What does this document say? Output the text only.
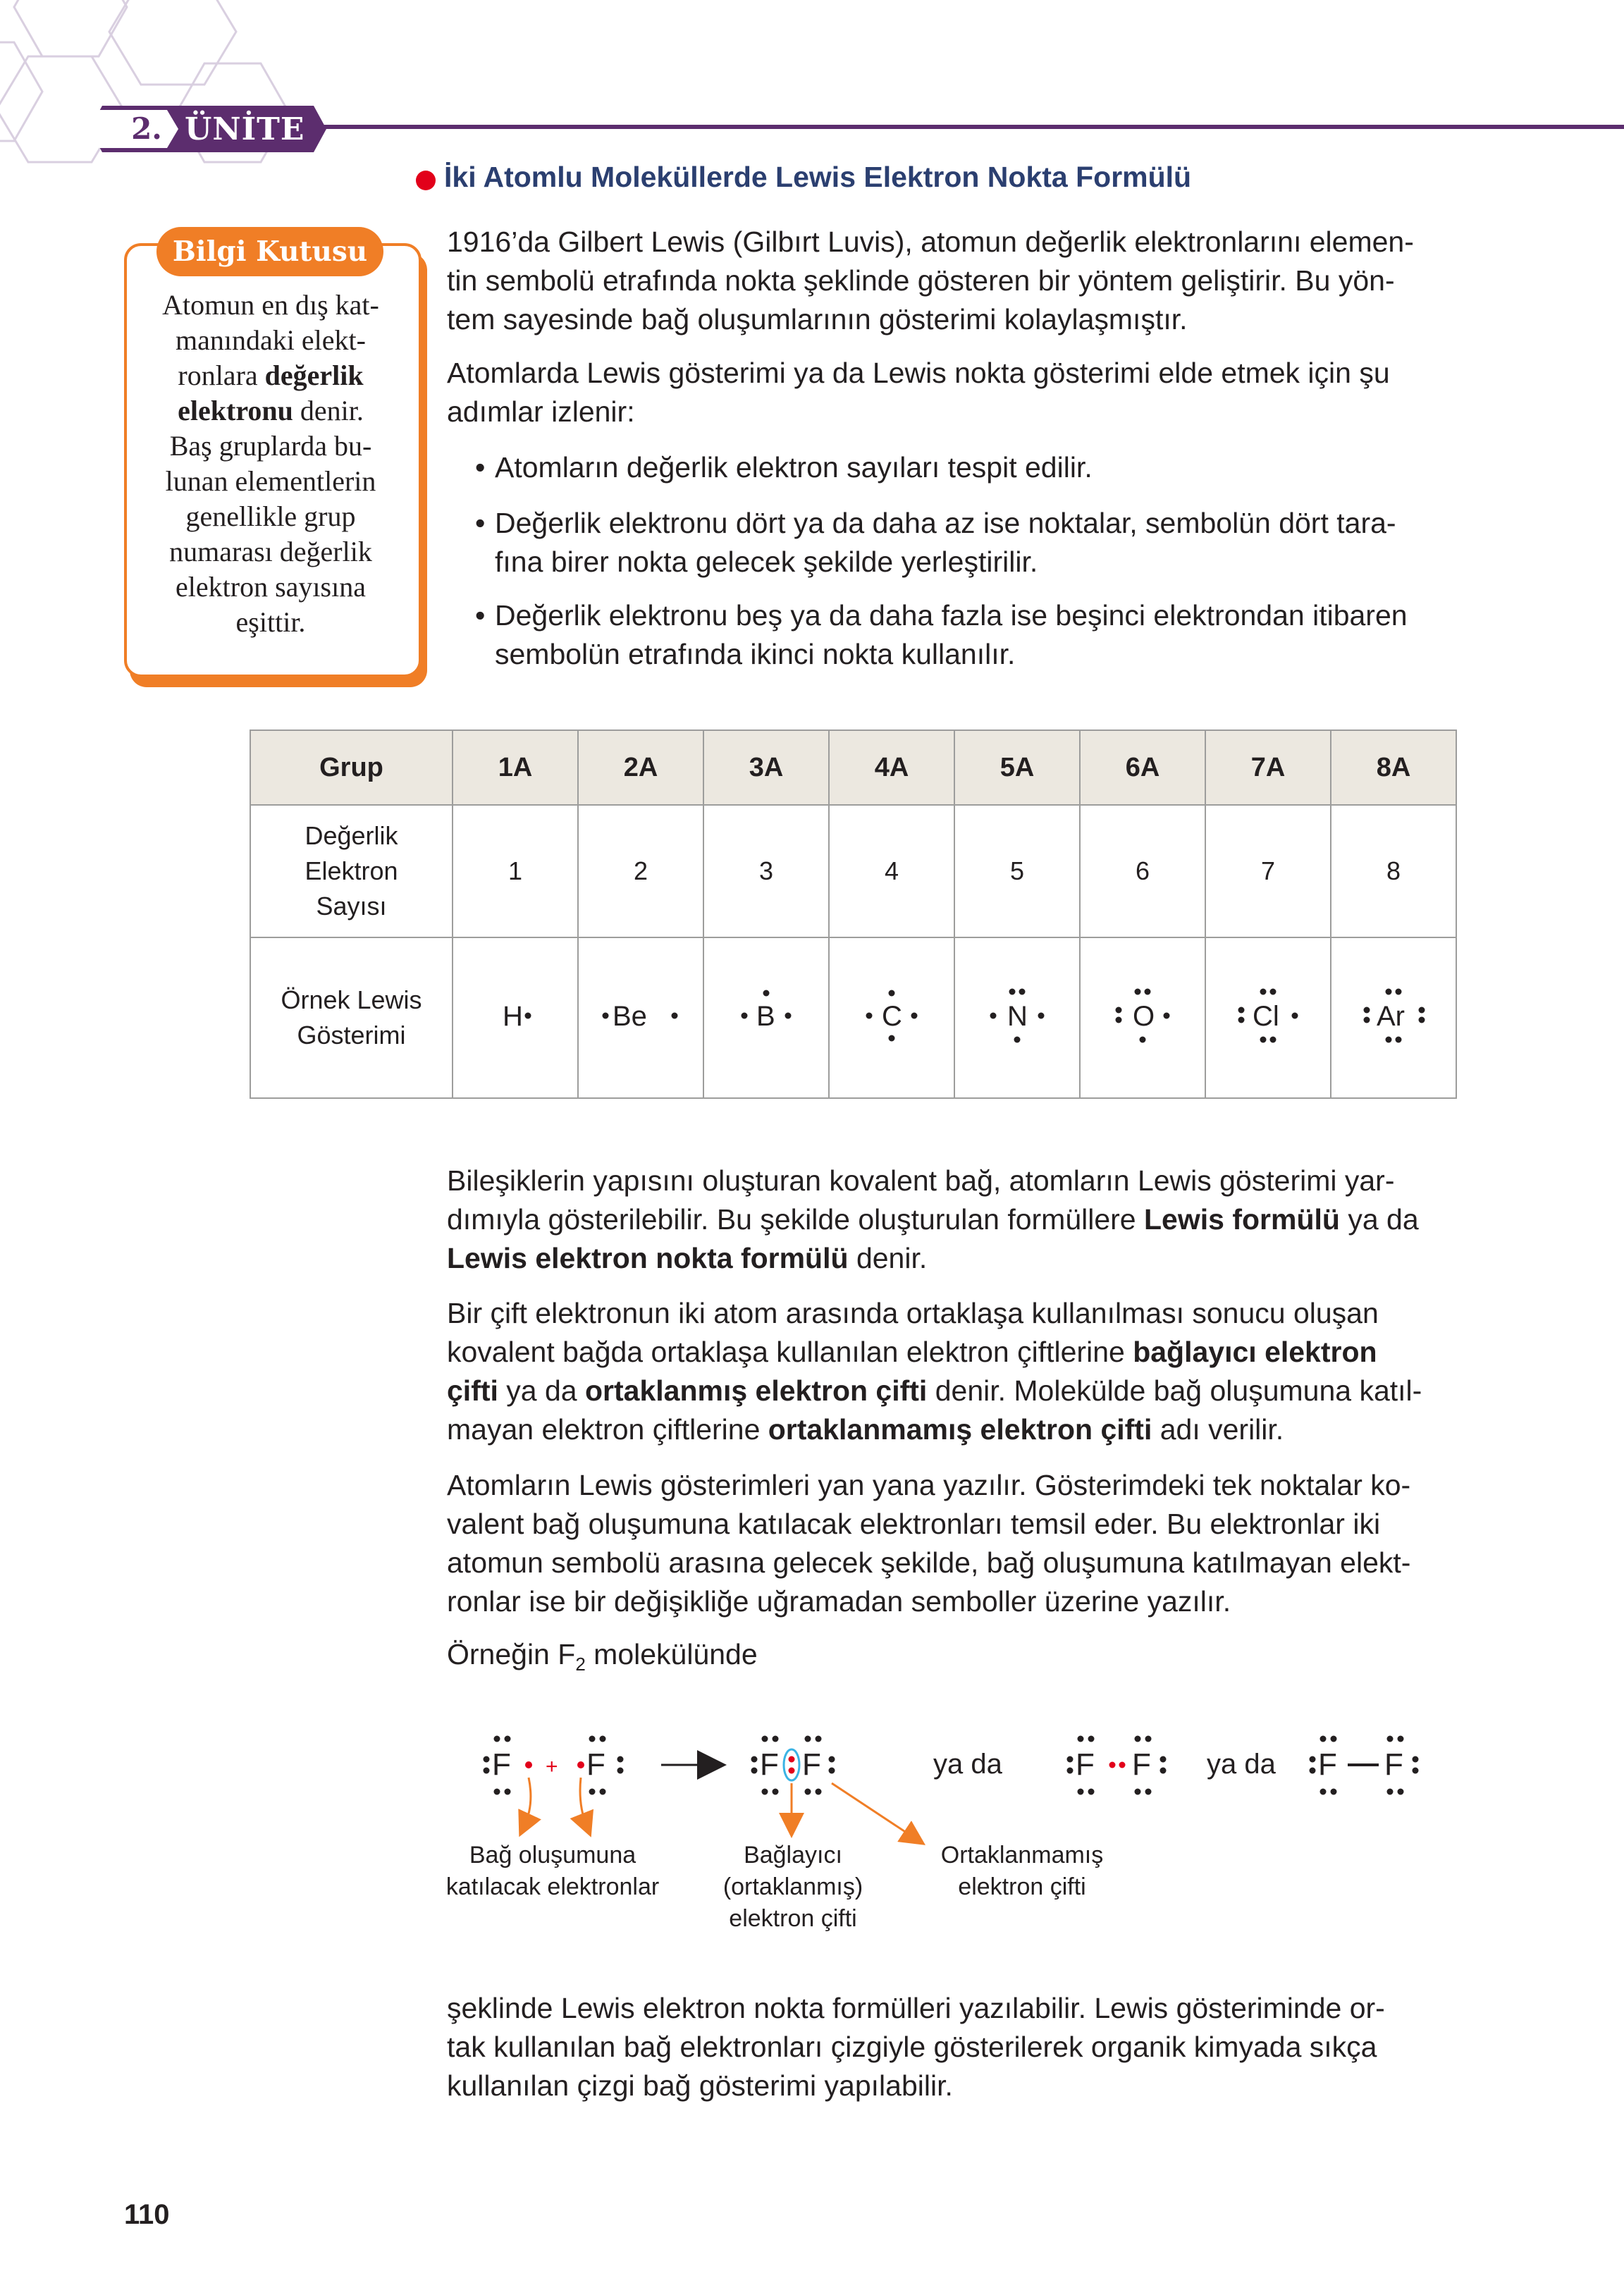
2. ÜNİTE
İki Atomlu Moleküllerde Lewis Elektron Nokta Formülü
Bilgi Kutusu
Atomun en dış kat-
manındaki elekt-
ronlara değerlik
elektronu denir.
Baş gruplarda bu-
lunan elementlerin
genellikle grup
numarası değerlik
elektron sayısına
eşittir.
1916’da Gilbert Lewis (Gilbırt Luvis), atomun değerlik elektronlarını elemen-
tin sembolü etrafında nokta şeklinde gösteren bir yöntem geliştirir. Bu yön-
tem sayesinde bağ oluşumlarının gösterimi kolaylaşmıştır.
Atomlarda Lewis gösterimi ya da Lewis nokta gösterimi elde etmek için şu
adımlar izlenir:
• Atomların değerlik elektron sayıları tespit edilir.
• Değerlik elektronu dört ya da daha az ise noktalar, sembolün dört tara-
fına birer nokta gelecek şekilde yerleştirilir.
• Değerlik elektronu beş ya da daha fazla ise beşinci elektrondan itibaren
sembolün etrafında ikinci nokta kullanılır.
Grup	1A	2A	3A	4A	5A	6A	7A	8A

Değerlik
Elektron
Sayısı	1	2	3	4	5	6	7	8

Örnek Lewis
Gösterimi	H	Be	B	C	N	O	Cl	Ar
Bileşiklerin yapısını oluşturan kovalent bağ, atomların Lewis gösterimi yar-
dımıyla gösterilebilir. Bu şekilde oluşturulan formüllere Lewis formülü ya da
Lewis elektron nokta formülü denir.
Bir çift elektronun iki atom arasında ortaklaşa kullanılması sonucu oluşan
kovalent bağda ortaklaşa kullanılan elektron çiftlerine bağlayıcı elektron
çifti ya da ortaklanmış elektron çifti denir. Molekülde bağ oluşumuna katıl-
mayan elektron çiftlerine ortaklanmamış elektron çifti adı verilir.
Atomların Lewis gösterimleri yan yana yazılır. Gösterimdeki tek noktalar ko-
valent bağ oluşumuna katılacak elektronları temsil eder. Bu elektronlar iki
atomun sembolü arasına gelecek şekilde, bağ oluşumuna katılmayan elekt-
ronlar ise bir değişikliğe uğramadan semboller üzerine yazılır.
Örneğin $F_2$ molekülünde
F + F	F F	ya da F F ya da F F
Bağ oluşumuna
katılacak elektronlar
Bağlayıcı
(ortaklanmış)
elektron çifti
Ortaklanmamış
elektron çifti
şeklinde Lewis elektron nokta formülleri yazılabilir. Lewis gösteriminde or-
tak kullanılan bağ elektronları çizgiyle gösterilerek organik kimyada sıkça
kullanılan çizgi bağ gösterimi yapılabilir.
110
